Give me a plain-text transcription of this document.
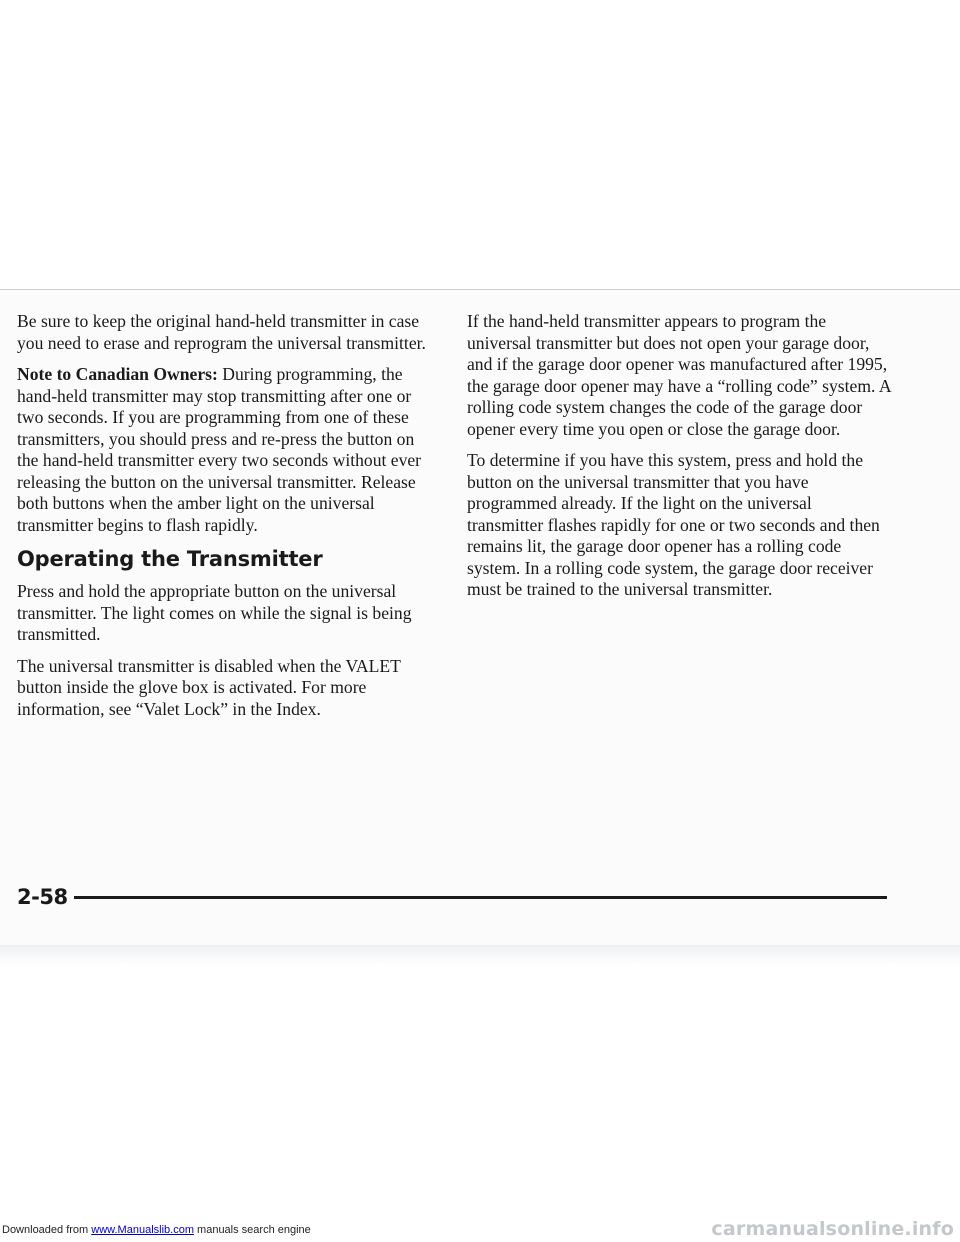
Be sure to keep the original hand-held transmitter in case you need to erase and reprogram the universal transmitter.

Note to Canadian Owners: During programming, the hand-held transmitter may stop transmitting after one or two seconds. If you are programming from one of these transmitters, you should press and re-press the button on the hand-held transmitter every two seconds without ever releasing the button on the universal transmitter. Release both buttons when the amber light on the universal transmitter begins to flash rapidly.

Operating the Transmitter

Press and hold the appropriate button on the universal transmitter. The light comes on while the signal is being transmitted.

The universal transmitter is disabled when the VALET button inside the glove box is activated. For more information, see “Valet Lock” in the Index.

If the hand-held transmitter appears to program the universal transmitter but does not open your garage door, and if the garage door opener was manufactured after 1995, the garage door opener may have a “rolling code” system. A rolling code system changes the code of the garage door opener every time you open or close the garage door.

To determine if you have this system, press and hold the button on the universal transmitter that you have programmed already. If the light on the universal transmitter flashes rapidly for one or two seconds and then remains lit, the garage door opener has a rolling code system. In a rolling code system, the garage door receiver must be trained to the universal transmitter.

2-58
Downloaded from www.Manualslib.com manuals search engine	carmanualsonline.info
